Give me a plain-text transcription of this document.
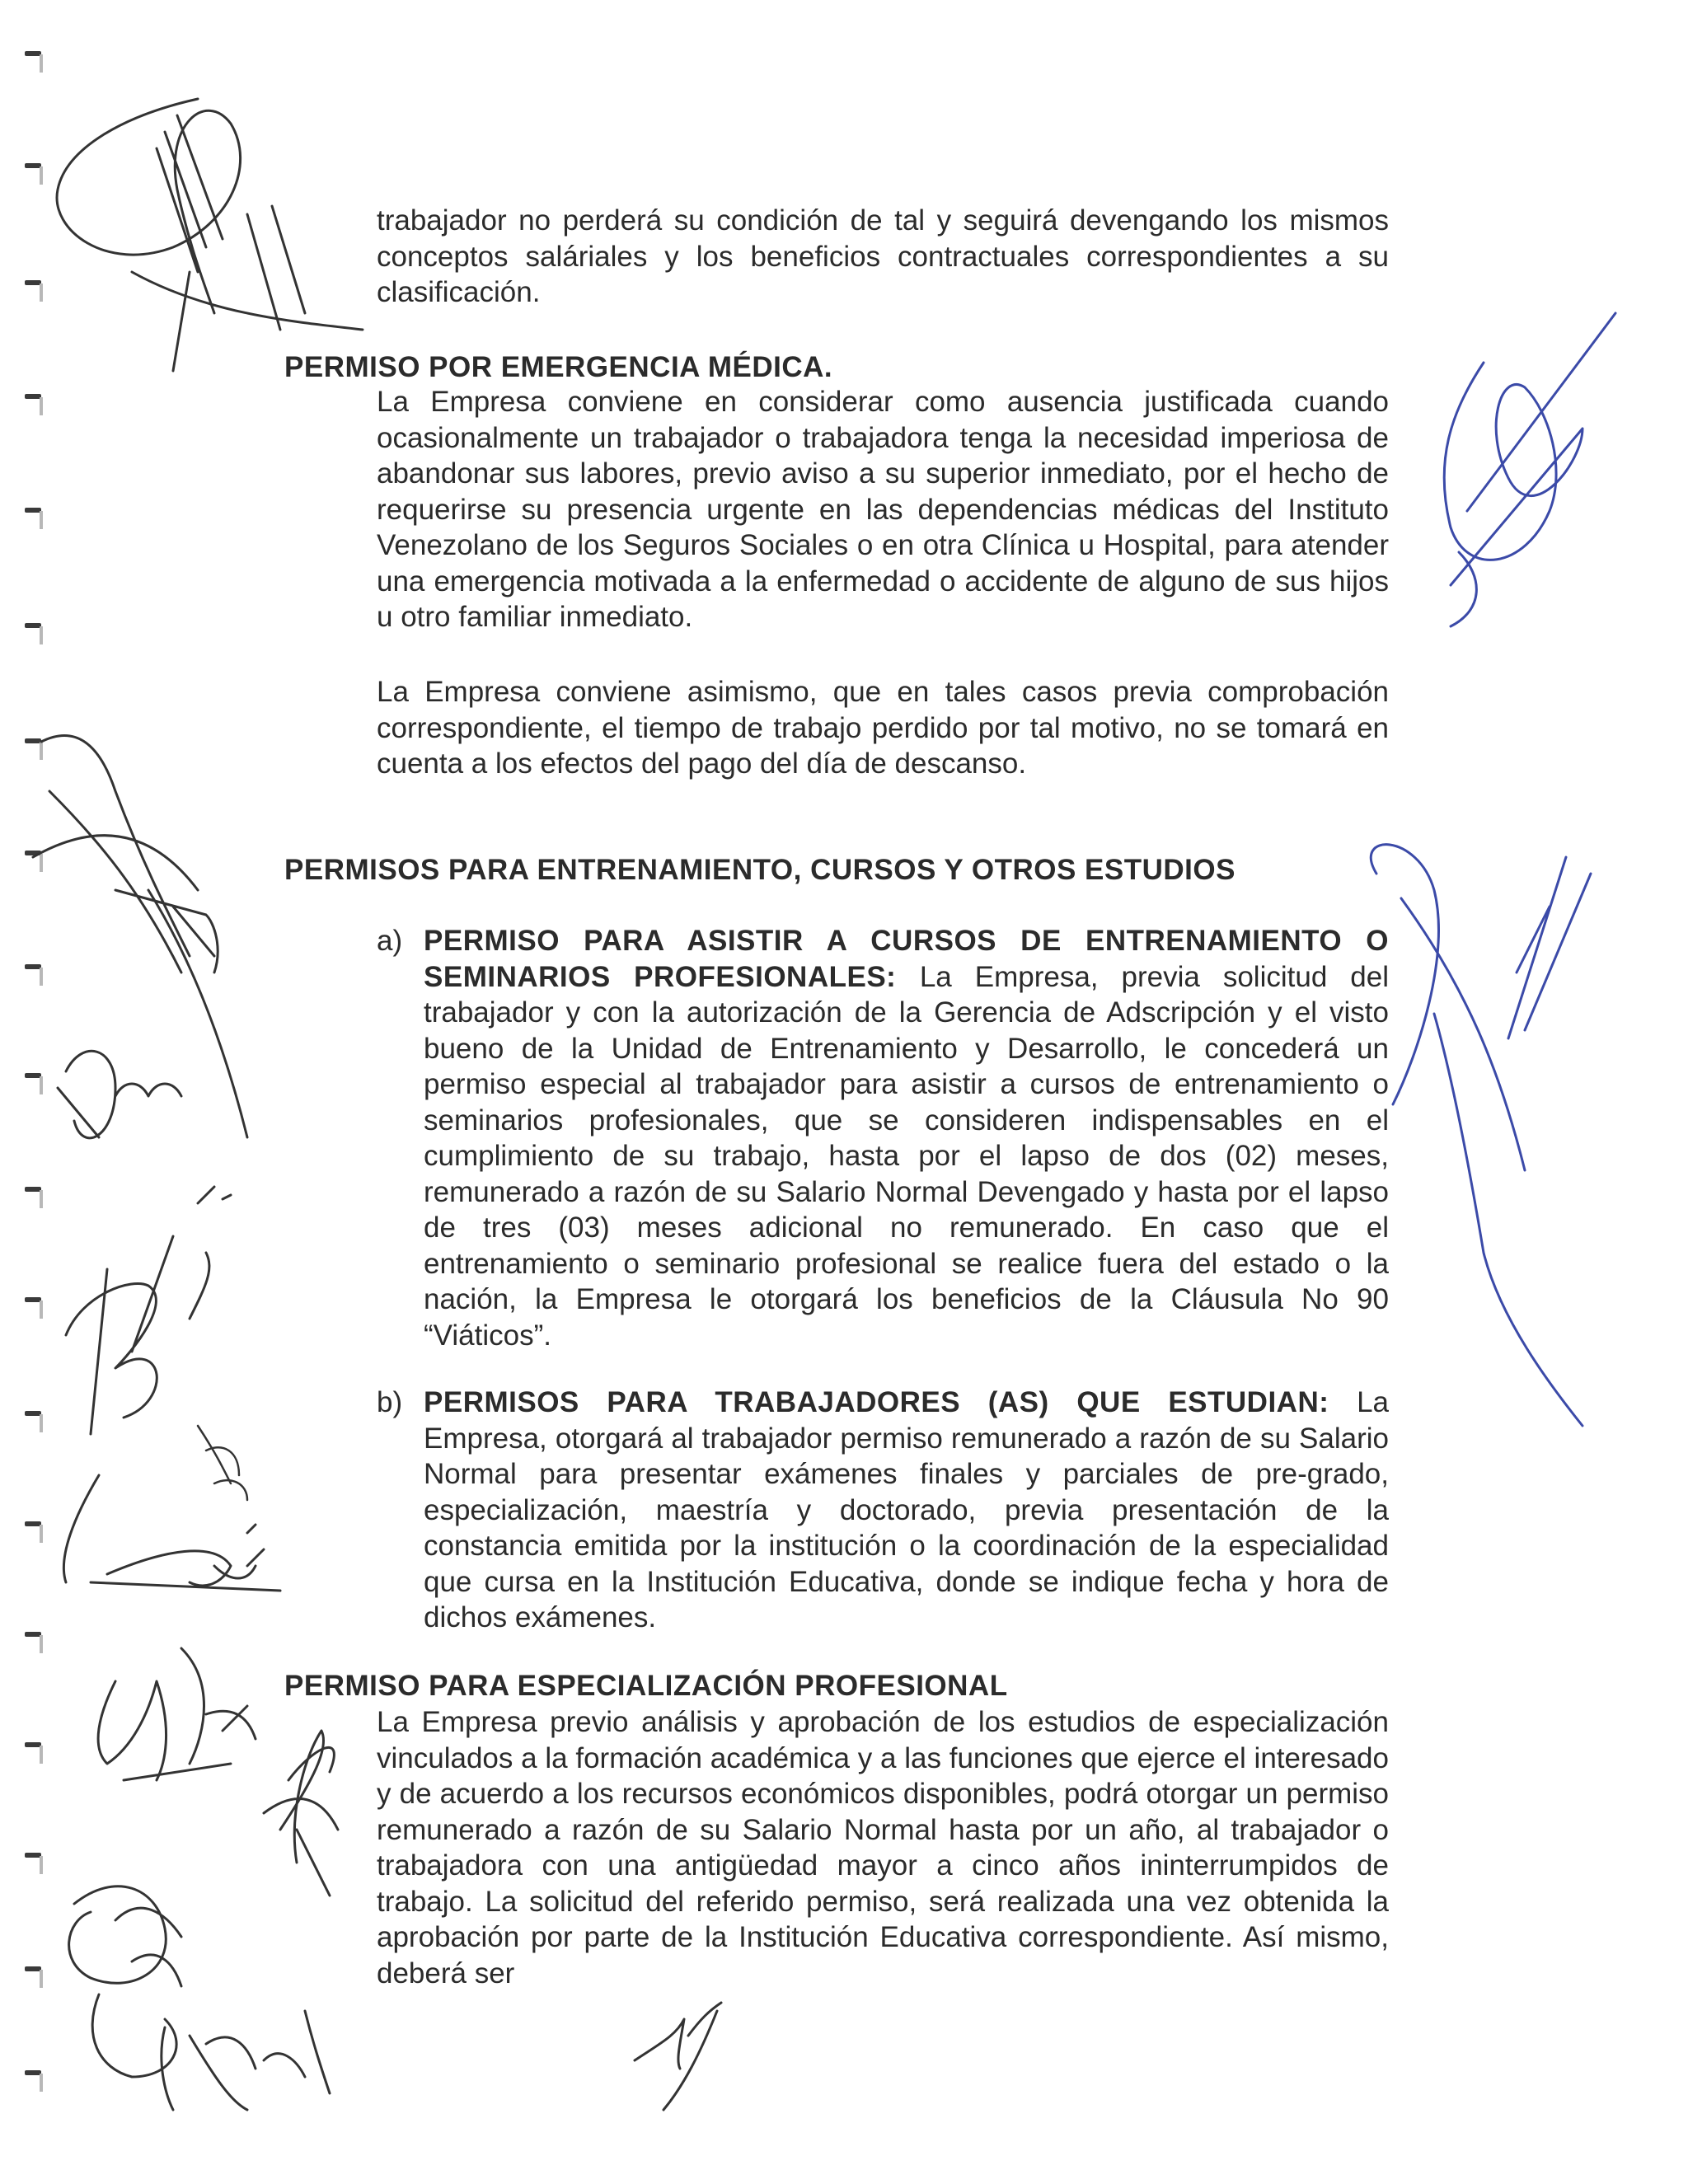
trabajador no perderá su condición de tal y seguirá devengando los mismos conceptos saláriales y los beneficios contractuales correspondientes a su clasificación.

PERMISO POR EMERGENCIA MÉDICA.

La Empresa conviene en considerar como ausencia justificada cuando ocasionalmente un trabajador o trabajadora tenga la necesidad imperiosa de abandonar sus labores, previo aviso a su superior inmediato, por el hecho de requerirse su presencia urgente en las dependencias médicas del Instituto Venezolano de los Seguros Sociales o en otra Clínica u Hospital, para atender una emergencia motivada a la enfermedad o accidente de alguno de sus hijos u otro familiar inmediato.

La Empresa conviene asimismo, que en tales casos previa comprobación correspondiente, el tiempo de trabajo perdido por tal motivo, no se tomará en cuenta a los efectos del pago del día de descanso.

PERMISOS PARA ENTRENAMIENTO, CURSOS Y OTROS ESTUDIOS
a) PERMISO PARA ASISTIR A CURSOS DE ENTRENAMIENTO O SEMINARIOS PROFESIONALES: La Empresa, previa solicitud del trabajador y con la autorización de la Gerencia de Adscripción y el visto bueno de la Unidad de Entrenamiento y Desarrollo, le concederá un permiso especial al trabajador para asistir a cursos de entrenamiento o seminarios profesionales, que se consideren indispensables en el cumplimiento de su trabajo, hasta por el lapso de dos (02) meses, remunerado a razón de su Salario Normal Devengado y hasta por el lapso de tres (03) meses adicional no remunerado. En caso que el entrenamiento o seminario profesional se realice fuera del estado o la nación, la Empresa le otorgará los beneficios de la Cláusula No 90 “Viáticos”.
b) PERMISOS PARA TRABAJADORES (AS) QUE ESTUDIAN: La Empresa, otorgará al trabajador permiso remunerado a razón de su Salario Normal para presentar exámenes finales y parciales de pre-grado, especialización, maestría y doctorado, previa presentación de la constancia emitida por la institución o la coordinación de la especialidad que cursa en la Institución Educativa, donde se indique fecha y hora de dichos exámenes.
PERMISO PARA ESPECIALIZACIÓN PROFESIONAL

La Empresa previo análisis y aprobación de los estudios de especialización vinculados a la formación académica y a las funciones que ejerce el interesado y de acuerdo a los recursos económicos disponibles, podrá otorgar un permiso remunerado a razón de su Salario Normal hasta por un año, al trabajador o trabajadora con una antigüedad mayor a cinco años ininterrumpidos de trabajo. La solicitud del referido permiso, será realizada una vez obtenida la aprobación por parte de la Institución Educativa correspondiente. Así mismo, deberá ser
